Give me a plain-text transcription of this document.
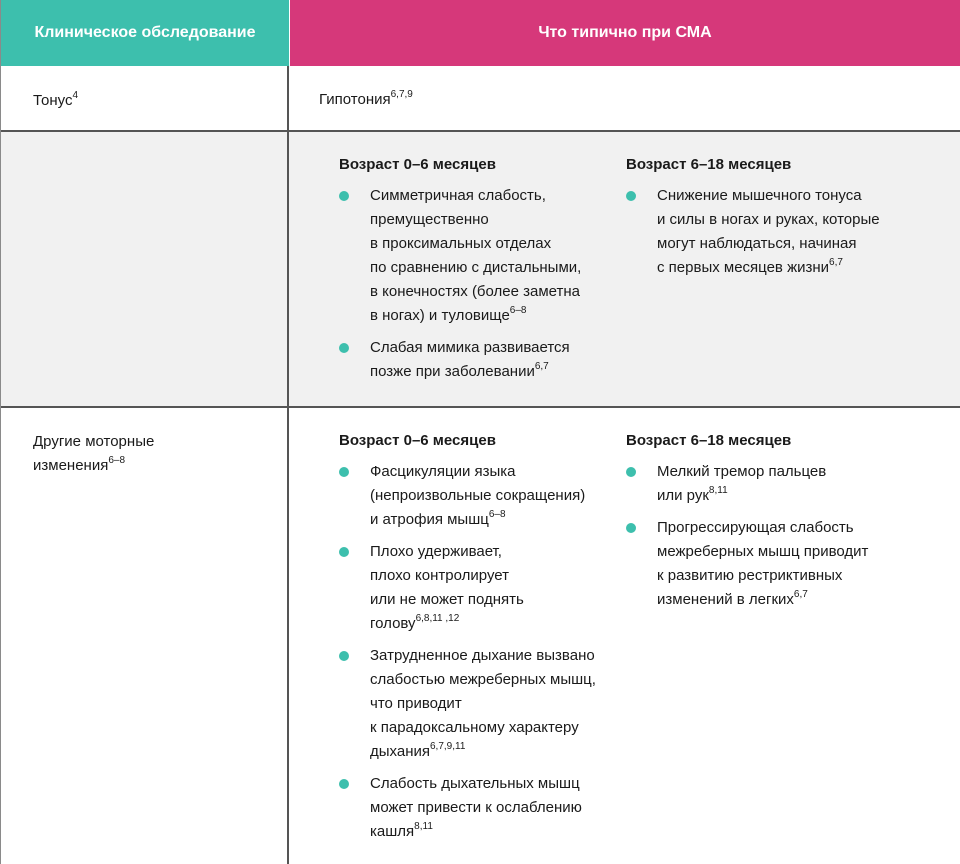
Клиническое обследование	Что типично при СМА
Тонус$^4$	Гипотония$^{6,7,9}$
Возраст 0–6 месяцев
Симметричная слабость,
премущественно
в проксимальных отделах
по сравнению с дистальными,
в конечностях (более заметна
в ногах) и туловище$^{6-8}$
Слабая мимика развивается
позже при заболевании$^{6,7}$
Возраст 6–18 месяцев
Снижение мышечного тонуса
и силы в ногах и руках, которые
могут наблюдаться, начиная
с первых месяцев жизни$^{6,7}$
Другие моторные
изменения$^{6-8}$
Возраст 0–6 месяцев
Фасцикуляции языка
(непроизвольные сокращения)
и атрофия мышц$^{6-8}$
Плохо удерживает,
плохо контролирует
или не может поднять
голову$^{6,8,11 ,12}$
Затрудненное дыхание вызвано
слабостью межреберных мышц,
что приводит
к парадоксальному характеру
дыхания$^{6,7,9,11}$
Слабость дыхательных мышц
может привести к ослаблению
кашля$^{8,11}$
Возраст 6–18 месяцев
Мелкий тремор пальцев
или рук$^{8,11}$
Прогрессирующая слабость
межреберных мышц приводит
к развитию рестриктивных
изменений в легких$^{6,7}$
